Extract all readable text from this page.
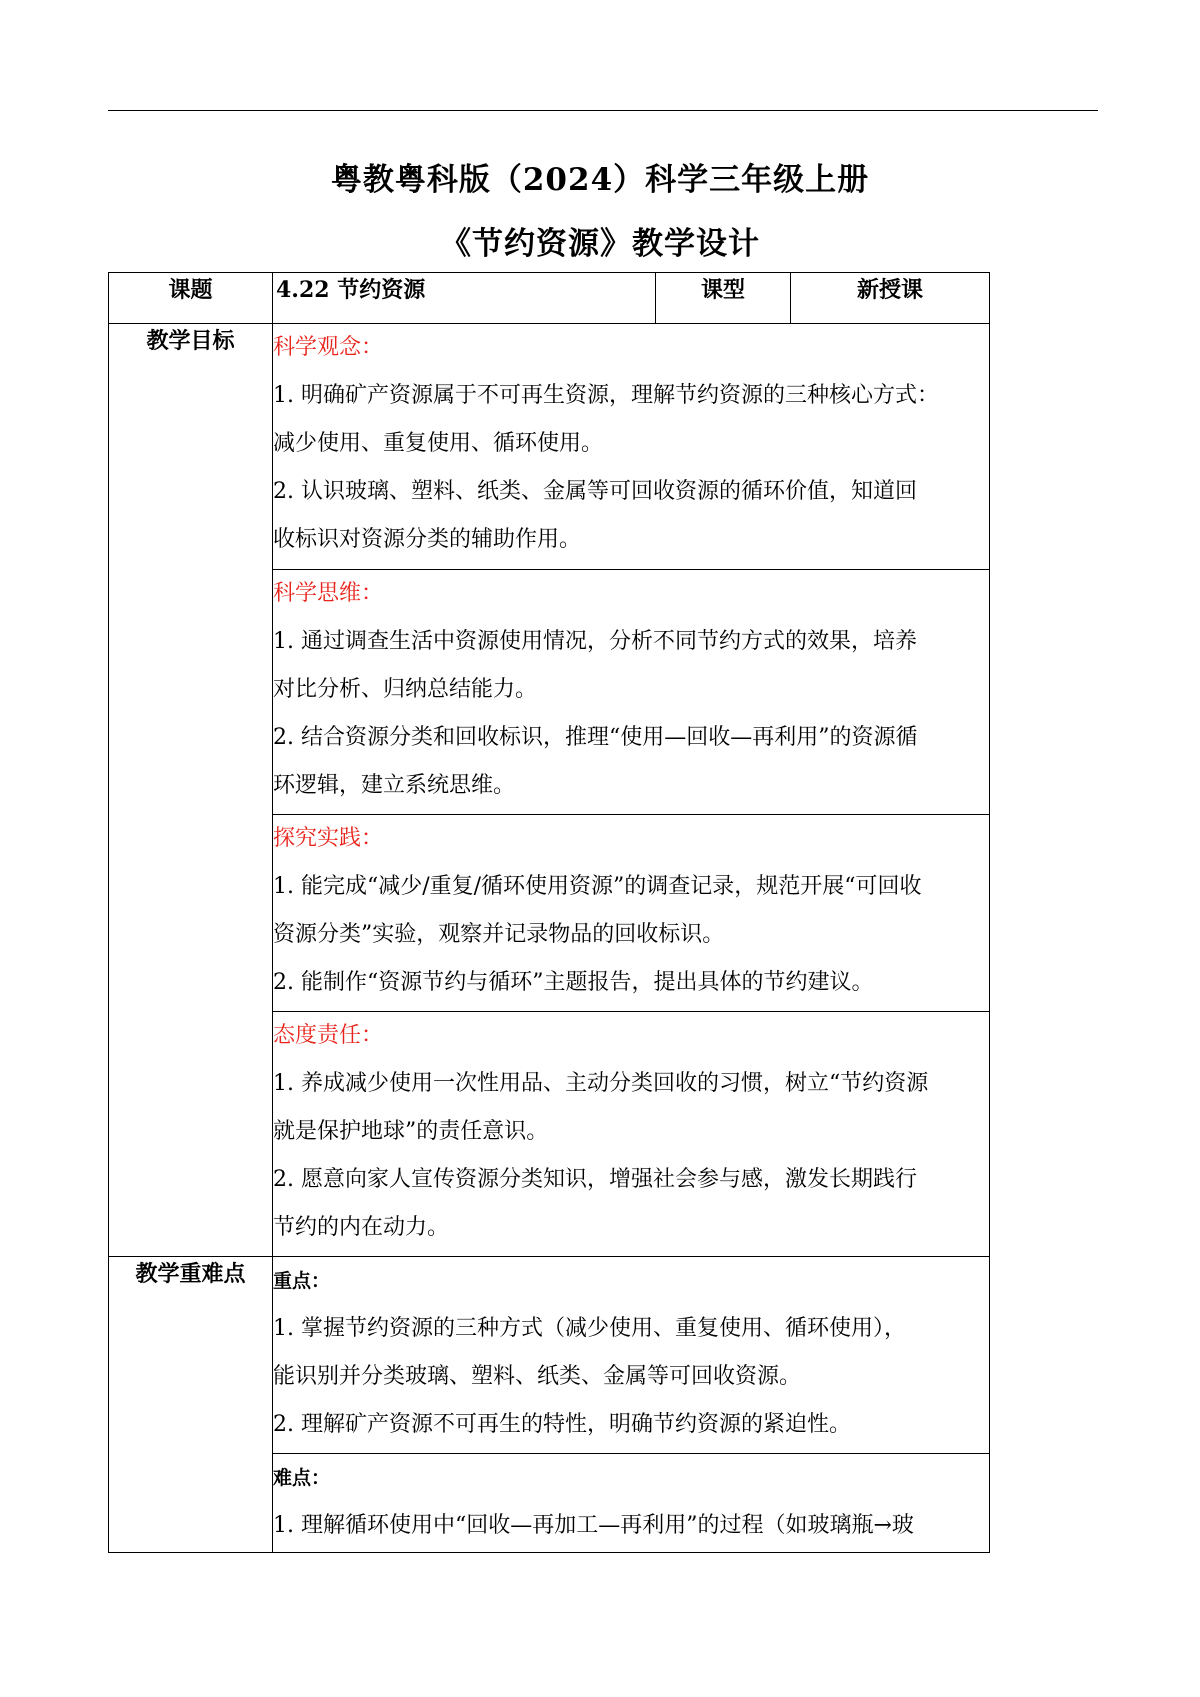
粤教粤科版（2024）科学三年级上册
《节约资源》教学设计
课题	4.22 节约资源	课型	新授课
教学目标	科学观念：
1. 明确矿产资源属于不可再生资源，理解节约资源的三种核心方式：
减少使用、重复使用、循环使用。
2. 认识玻璃、塑料、纸类、金属等可回收资源的循环价值，知道回
收标识对资源分类的辅助作用。		

	科学思维：
1. 通过调查生活中资源使用情况，分析不同节约方式的效果，培养
对比分析、归纳总结能力。
2. 结合资源分类和回收标识，推理“使用—回收—再利用”的资源循
环逻辑，建立系统思维。		

	探究实践：
1. 能完成“减少/重复/循环使用资源”的调查记录，规范开展“可回收
资源分类”实验，观察并记录物品的回收标识。
2. 能制作“资源节约与循环”主题报告，提出具体的节约建议。		

	态度责任：
1. 养成减少使用一次性用品、主动分类回收的习惯，树立“节约资源
就是保护地球”的责任意识。
2. 愿意向家人宣传资源分类知识，增强社会参与感，激发长期践行
节约的内在动力。		

教学重难点	重点：
1. 掌握节约资源的三种方式（减少使用、重复使用、循环使用），
能识别并分类玻璃、塑料、纸类、金属等可回收资源。
2. 理解矿产资源不可再生的特性，明确节约资源的紧迫性。		

	难点：
1. 理解循环使用中“回收—再加工—再利用”的过程（如玻璃瓶→玻		
